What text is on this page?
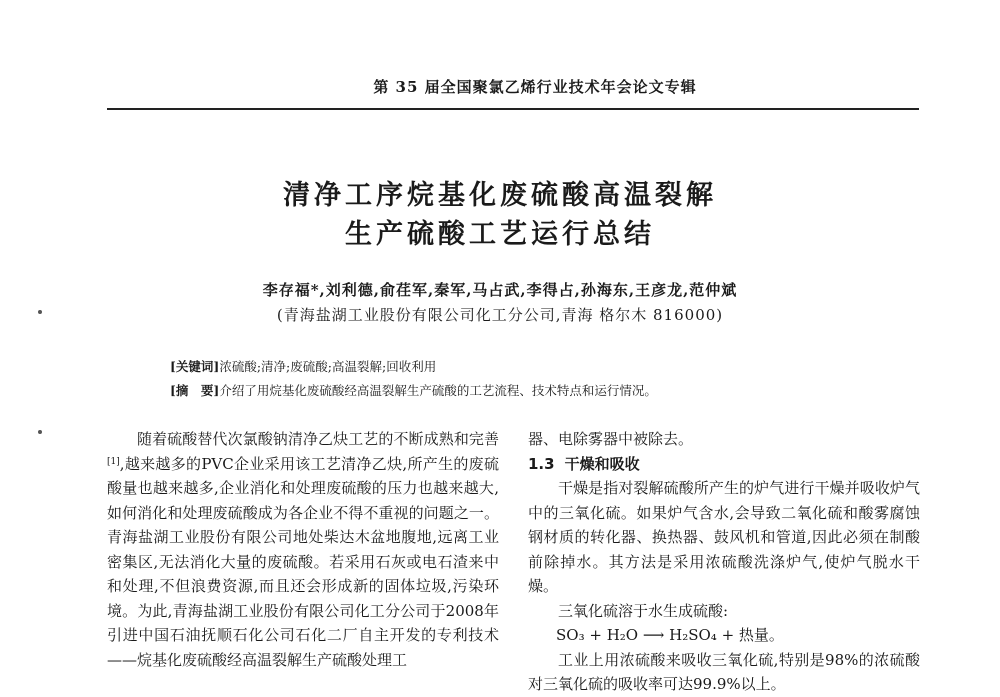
第 35 届全国聚氯乙烯行业技术年会论文专辑
清净工序烷基化废硫酸高温裂解
生产硫酸工艺运行总结
李存福*,刘利德,俞荏军,秦军,马占武,李得占,孙海东,王彦龙,范仲斌
(青海盐湖工业股份有限公司化工分公司,青海 格尔木 816000)
[关键词]浓硫酸;清净;废硫酸;高温裂解;回收利用
[摘　要]介绍了用烷基化废硫酸经高温裂解生产硫酸的工艺流程、技术特点和运行情况。

随着硫酸替代次氯酸钠清净乙炔工艺的不断成熟和完善[1],越来越多的PVC企业采用该工艺清净乙炔,所产生的废硫酸量也越来越多,企业消化和处理废硫酸的压力也越来越大,如何消化和处理废硫酸成为各企业不得不重视的问题之一。青海盐湖工业股份有限公司地处柴达木盆地腹地,远离工业密集区,无法消化大量的废硫酸。若采用石灰或电石渣来中和处理,不但浪费资源,而且还会形成新的固体垃圾,污染环境。为此,青海盐湖工业股份有限公司化工分公司于2008年引进中国石油抚顺石化公司石化二厂自主开发的专利技术——烷基化废硫酸经高温裂解生产硫酸处理工

器、电除雾器中被除去。

1.3 干燥和吸收

干燥是指对裂解硫酸所产生的炉气进行干燥并吸收炉气中的三氧化硫。如果炉气含水,会导致二氧化硫和酸雾腐蚀钢材质的转化器、换热器、鼓风机和管道,因此必须在制酸前除掉水。其方法是采用浓硫酸洗涤炉气,使炉气脱水干燥。

三氧化硫溶于水生成硫酸:

SO₃ + H₂O ⟶ H₂SO₄ + 热量。

工业上用浓硫酸来吸收三氧化硫,特别是98%的浓硫酸对三氧化硫的吸收率可达99.9%以上。
